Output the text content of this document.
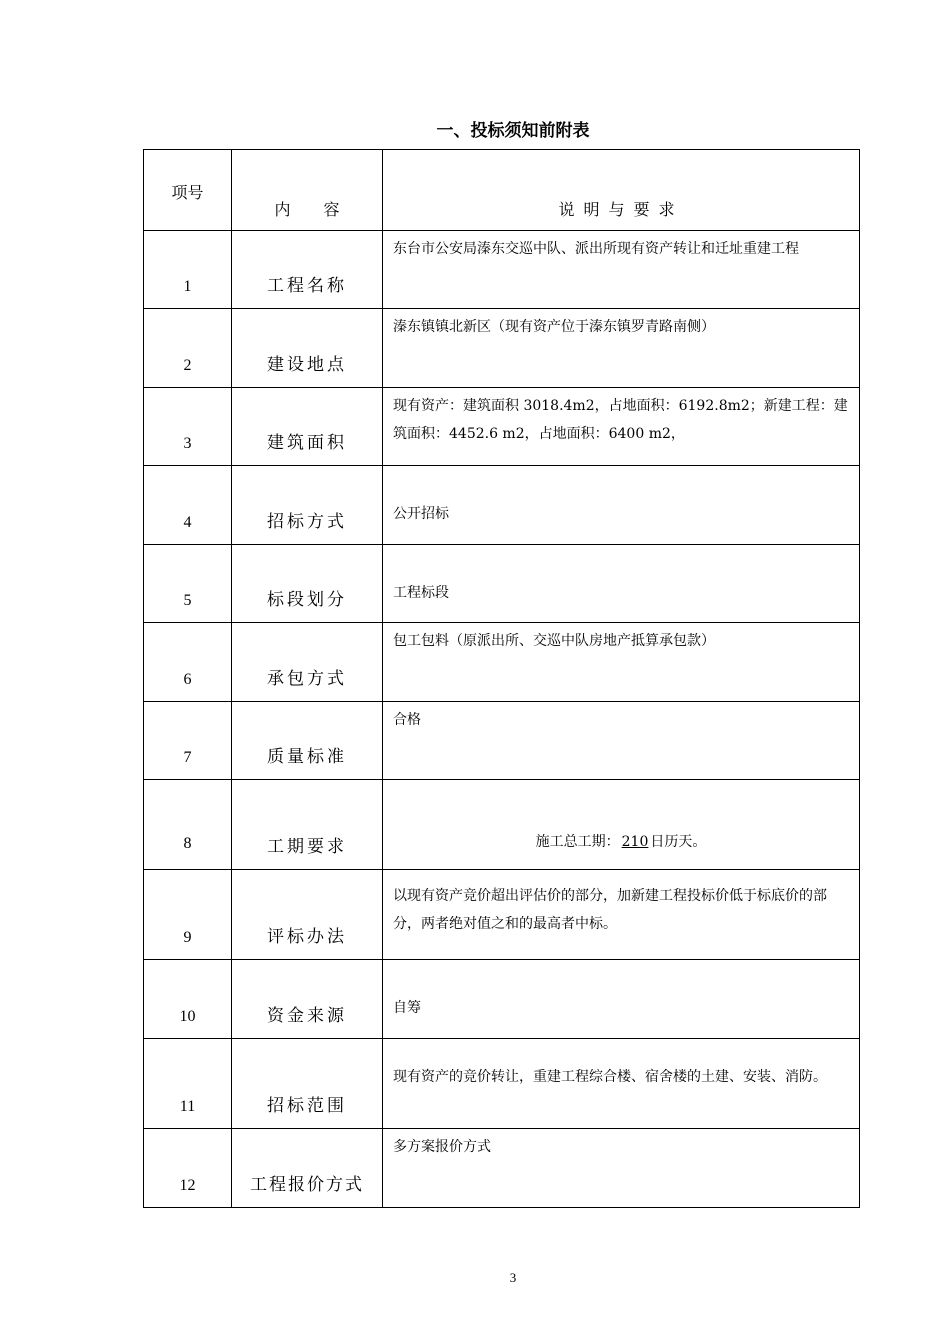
一、投标须知前附表
项号	内 容	说明与要求

1	工程名称	东台市公安局溱东交巡中队、派出所现有资产转让和迁址重建工程

2	建设地点	溱东镇镇北新区（现有资产位于溱东镇罗青路南侧）

3	建筑面积	现有资产：建筑面积 3018.4m2，占地面积：6192.8m2；新建工程：建筑面积：4452.6 m2，占地面积：6400 m2，

4	招标方式	公开招标

5	标段划分	工程标段

6	承包方式	包工包料（原派出所、交巡中队房地产抵算承包款）

7	质量标准	合格

8	工期要求	施工总工期： 210 日历天。

9	评标办法	以现有资产竞价超出评估价的部分，加新建工程投标价低于标底价的部分，两者绝对值之和的最高者中标。

10	资金来源	自筹

11	招标范围	现有资产的竞价转让，重建工程综合楼、宿舍楼的土建、安装、消防。

12	工程报价方式	多方案报价方式
3
